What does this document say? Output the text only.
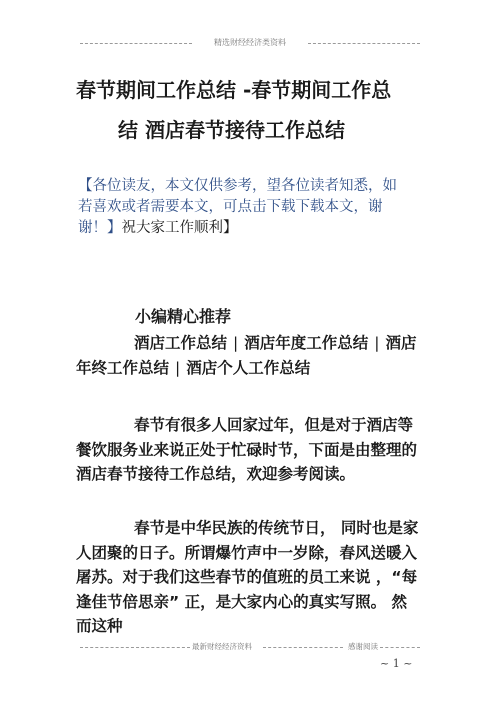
精选财经经济类资料
春节期间工作总结 -春节期间工作总
结 酒店春节接待工作总结
【各位读友，本文仅供参考，望各位读者知悉，如若喜欢或者需要本文，可点击下载下载本文，谢谢！】祝大家工作顺利】
小编精心推荐
酒店工作总结 | 酒店年度工作总结 | 酒店年终工作总结 | 酒店个人工作总结
春节有很多人回家过年，但是对于酒店等餐饮服务业来说正处于忙碌时节，下面是由整理的酒店春节接待工作总结，欢迎参考阅读。
春节是中华民族的传统节日， 同时也是家人团聚的日子。所谓爆竹声中一岁除，春风送暖入屠苏。对于我们这些春节的值班的员工来说 ，“每逢佳节倍思亲” 正，是大家内心的真实写照。 然而这种
最新财经经济资料	感谢阅读
~ 1 ~
